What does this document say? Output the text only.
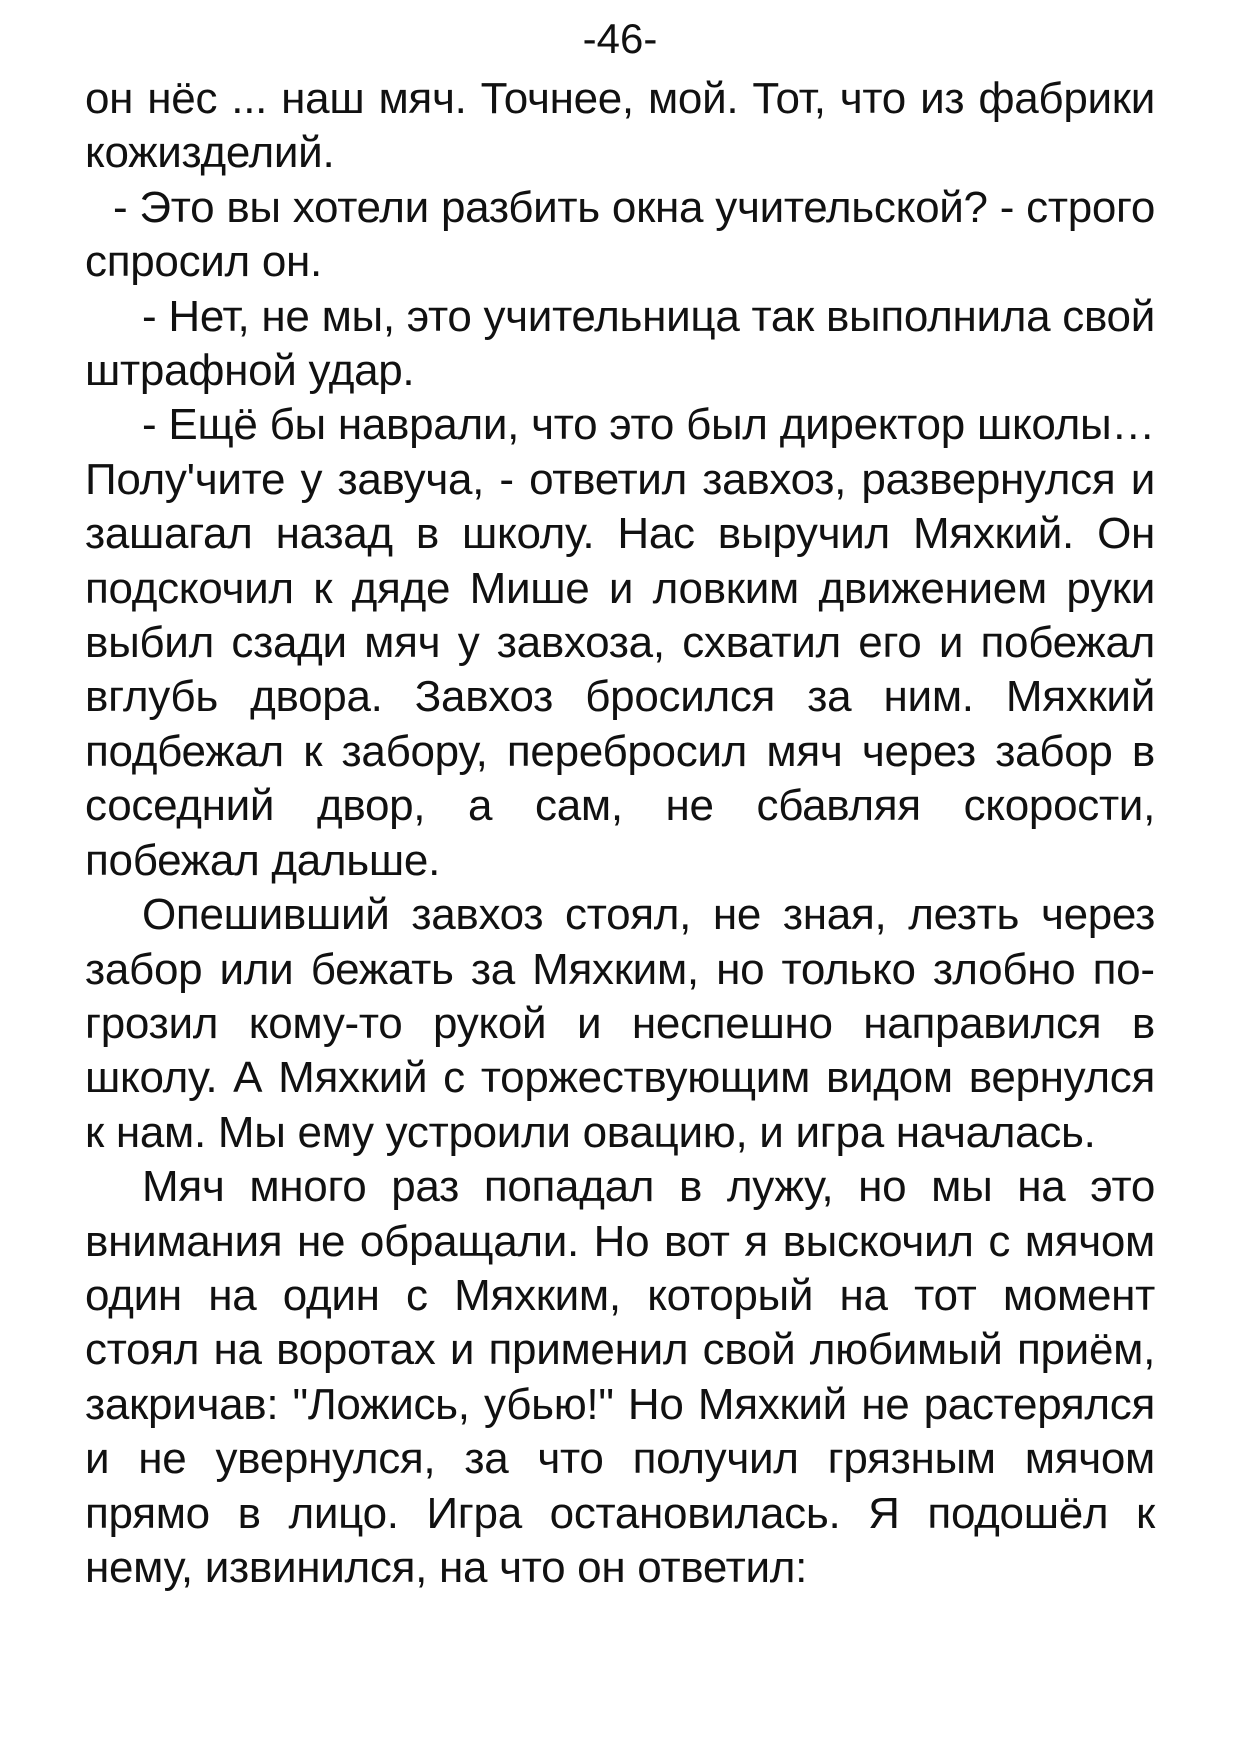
-46-

он нёс ... наш мяч. Точнее, мой. Тот, что из фабрики кожизделий.

- Это вы хотели разбить окна учительской? - строго спросил он.

- Нет, не мы, это учительница так выполнила свой штрафной удар.

- Ещё бы наврали, что это был директор школы… Полу'чите у завуча, - ответил завхоз, развернулся и зашагал назад в школу. Нас выручил Мяхкий. Он подскочил к дяде Мише и ловким движением руки выбил сзади мяч у завхоза, схватил его и побежал вглубь двора. Завхоз бросился за ним. Мяхкий подбежал к забору, перебросил мяч через забор в соседний двор, а сам, не сбавляя скорости, побежал дальше.

Опешивший завхоз стоял, не зная, лезть через забор или бежать за Мяхким, но только злобно погрозил кому-то рукой и неспешно направился в школу. А Мяхкий с торжествующим видом вернулся к нам. Мы ему устроили овацию, и игра началась.

Мяч много раз попадал в лужу, но мы на это внимания не обращали. Но вот я выскочил с мячом один на один с Мяхким, который на тот момент стоял на воротах и применил свой любимый приём, закричав: "Ложись, убью!" Но Мяхкий не растерялся и не увернулся, за что получил грязным мячом прямо в лицо. Игра остановилась. Я подошёл к нему, извинился, на что он ответил:
